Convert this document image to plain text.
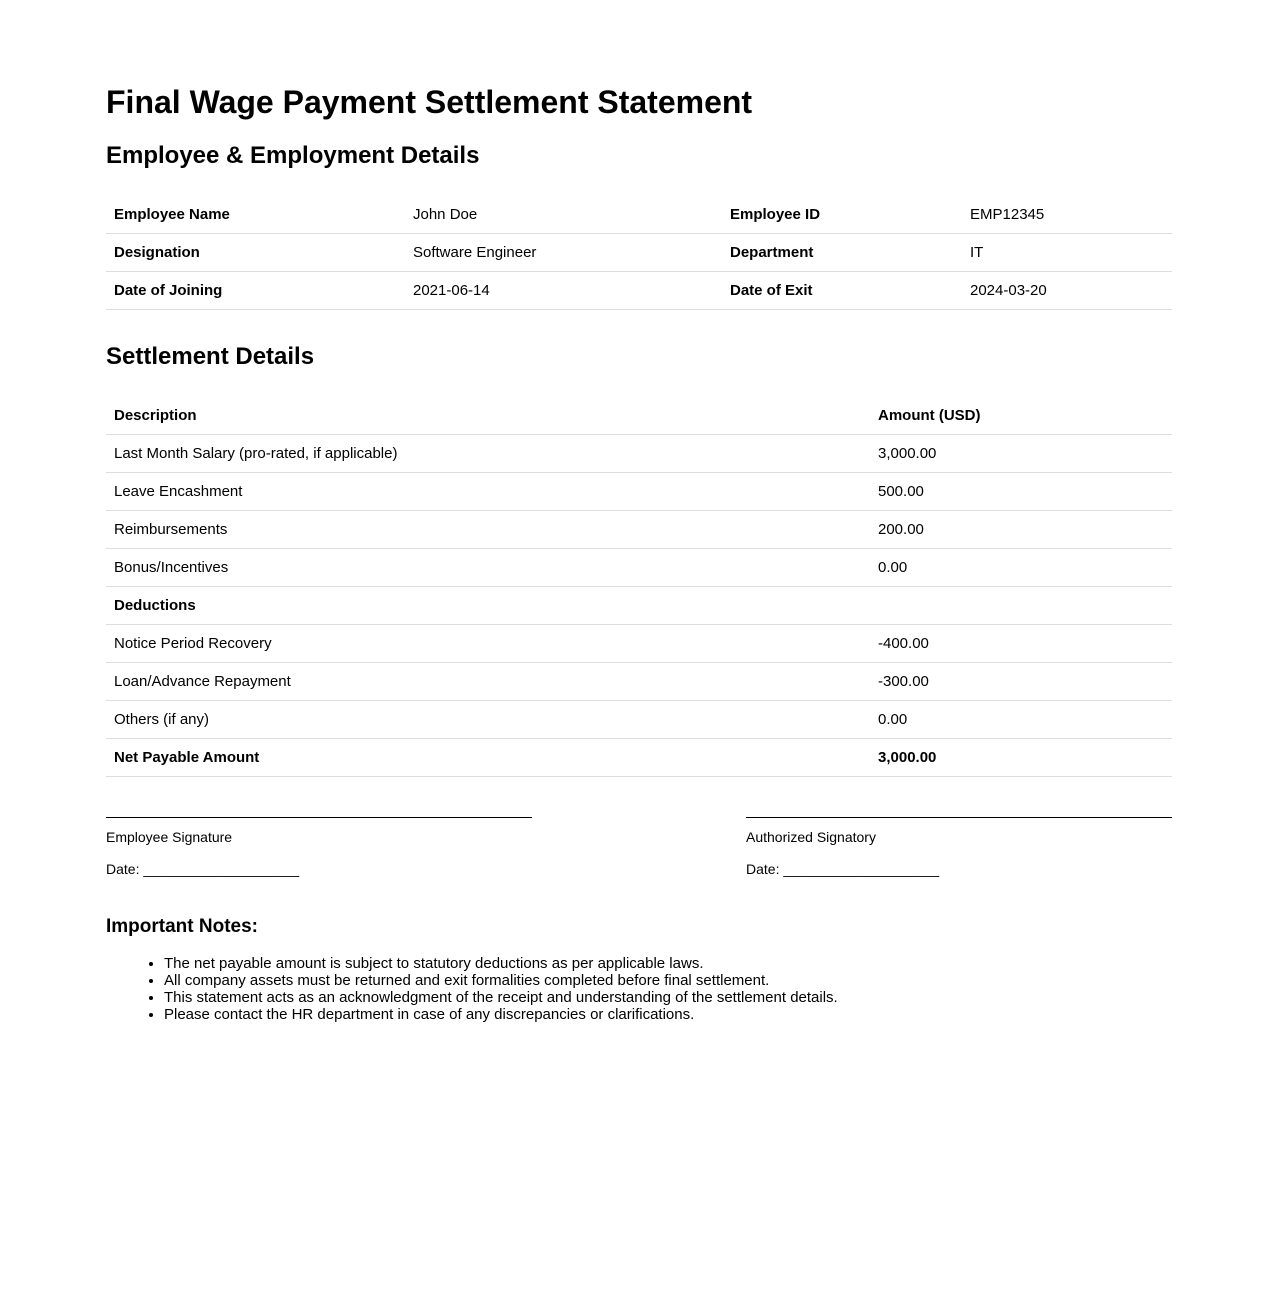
Final Wage Payment Settlement Statement
Employee & Employment Details
Employee Name	John Doe	Employee ID	EMP12345
Designation	Software Engineer	Department	IT
Date of Joining	2021-06-14	Date of Exit	2024-03-20
Settlement Details
Description	Amount (USD)
Last Month Salary (pro-rated, if applicable)	3,000.00
Leave Encashment	500.00
Reimbursements	200.00
Bonus/Incentives	0.00
Deductions	
Notice Period Recovery	-400.00
Loan/Advance Repayment	-300.00
Others (if any)	0.00
Net Payable Amount	3,000.00
Employee Signature
Date: ____________________
Authorized Signatory
Date: ____________________
Important Notes:
• The net payable amount is subject to statutory deductions as per applicable laws.
• All company assets must be returned and exit formalities completed before final settlement.
• This statement acts as an acknowledgment of the receipt and understanding of the settlement details.
• Please contact the HR department in case of any discrepancies or clarifications.
